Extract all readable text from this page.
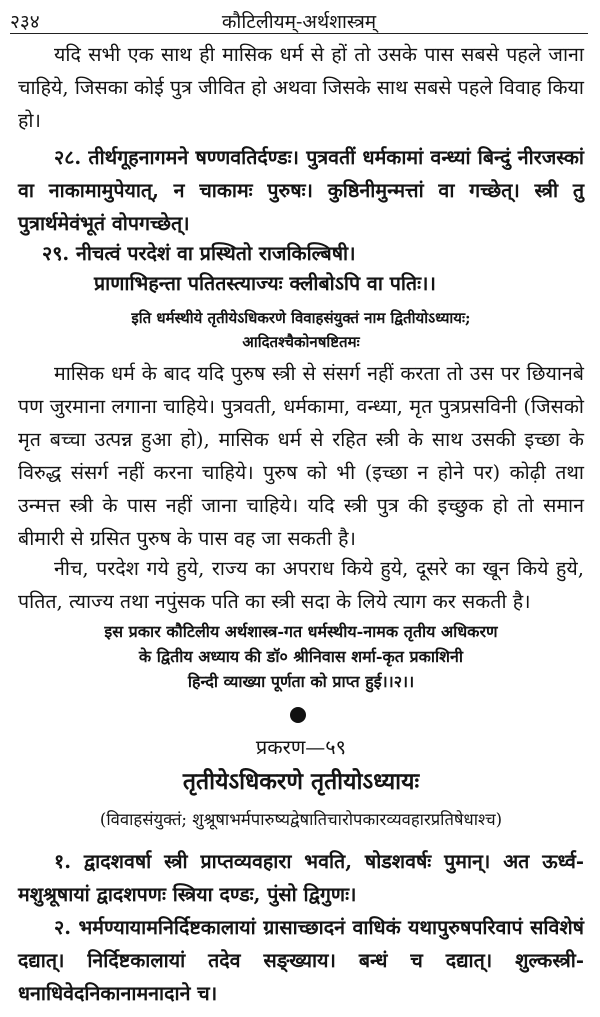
२३४	कौटिलीयम्-अर्थशास्त्रम्
यदि सभी एक साथ ही मासिक धर्म से हों तो उसके पास सबसे पहले जाना चाहिये, जिसका कोई पुत्र जीवित हो अथवा जिसके साथ सबसे पहले विवाह किया हो।
२८. तीर्थगूहनागमने षण्णवतिर्दण्डः। पुत्रवतीं धर्मकामां वन्ध्यां बिन्दुं नीरजस्कां वा नाकामामुपेयात्, न चाकामः पुरुषः। कुष्ठिनीमुन्मत्तां वा गच्छेत्। स्त्री तु पुत्रार्थमेवंभूतं वोपगच्छेत्।
२९. नीचत्वं परदेशं वा प्रस्थितो राजकिल्बिषी।
प्राणाभिहन्ता पतितस्त्याज्यः क्लीबोऽपि वा पतिः।।
इति धर्मस्थीये तृतीयेऽधिकरणे विवाहसंयुक्तं नाम द्वितीयोऽध्यायः;
आदितश्चैकोनषष्टितमः
मासिक धर्म के बाद यदि पुरुष स्त्री से संसर्ग नहीं करता तो उस पर छियानबे पण जुरमाना लगाना चाहिये। पुत्रवती, धर्मकामा, वन्ध्या, मृत पुत्रप्रसविनी (जिसको मृत बच्चा उत्पन्न हुआ हो), मासिक धर्म से रहित स्त्री के साथ उसकी इच्छा के विरुद्ध संसर्ग नहीं करना चाहिये। पुरुष को भी (इच्छा न होने पर) कोढ़ी तथा उन्मत्त स्त्री के पास नहीं जाना चाहिये। यदि स्त्री पुत्र की इच्छुक हो तो समान बीमारी से ग्रसित पुरुष के पास वह जा सकती है।
नीच, परदेश गये हुये, राज्य का अपराध किये हुये, दूसरे का खून किये हुये, पतित, त्याज्य तथा नपुंसक पति का स्त्री सदा के लिये त्याग कर सकती है।
इस प्रकार कौटिलीय अर्थशास्त्र-गत धर्मस्थीय-नामक तृतीय अधिकरण
के द्वितीय अध्याय की डॉ० श्रीनिवास शर्मा-कृत प्रकाशिनी
हिन्दी व्याख्या पूर्णता को प्राप्त हुई।।२।।
प्रकरण—५९
तृतीयेऽधिकरणे तृतीयोऽध्यायः
(विवाहसंयुक्तं; शुश्रूषाभर्मपारुष्यद्वेषातिचारोपकारव्यवहारप्रतिषेधाश्च)
१. द्वादशवर्षा स्त्री प्राप्तव्यवहारा भवति, षोडशवर्षः पुमान्। अत ऊर्ध्व-मशुश्रूषायां द्वादशपणः स्त्रिया दण्डः, पुंसो द्विगुणः।
२. भर्मण्यायामनिर्दिष्टकालायां ग्रासाच्छादनं वाधिकं यथापुरुषपरिवापं सविशेषं दद्यात्। निर्दिष्टकालायां तदेव सङ्ख्याय। बन्धं च दद्यात्। शुल्कस्त्री-धनाधिवेदनिकानामनादाने च।
